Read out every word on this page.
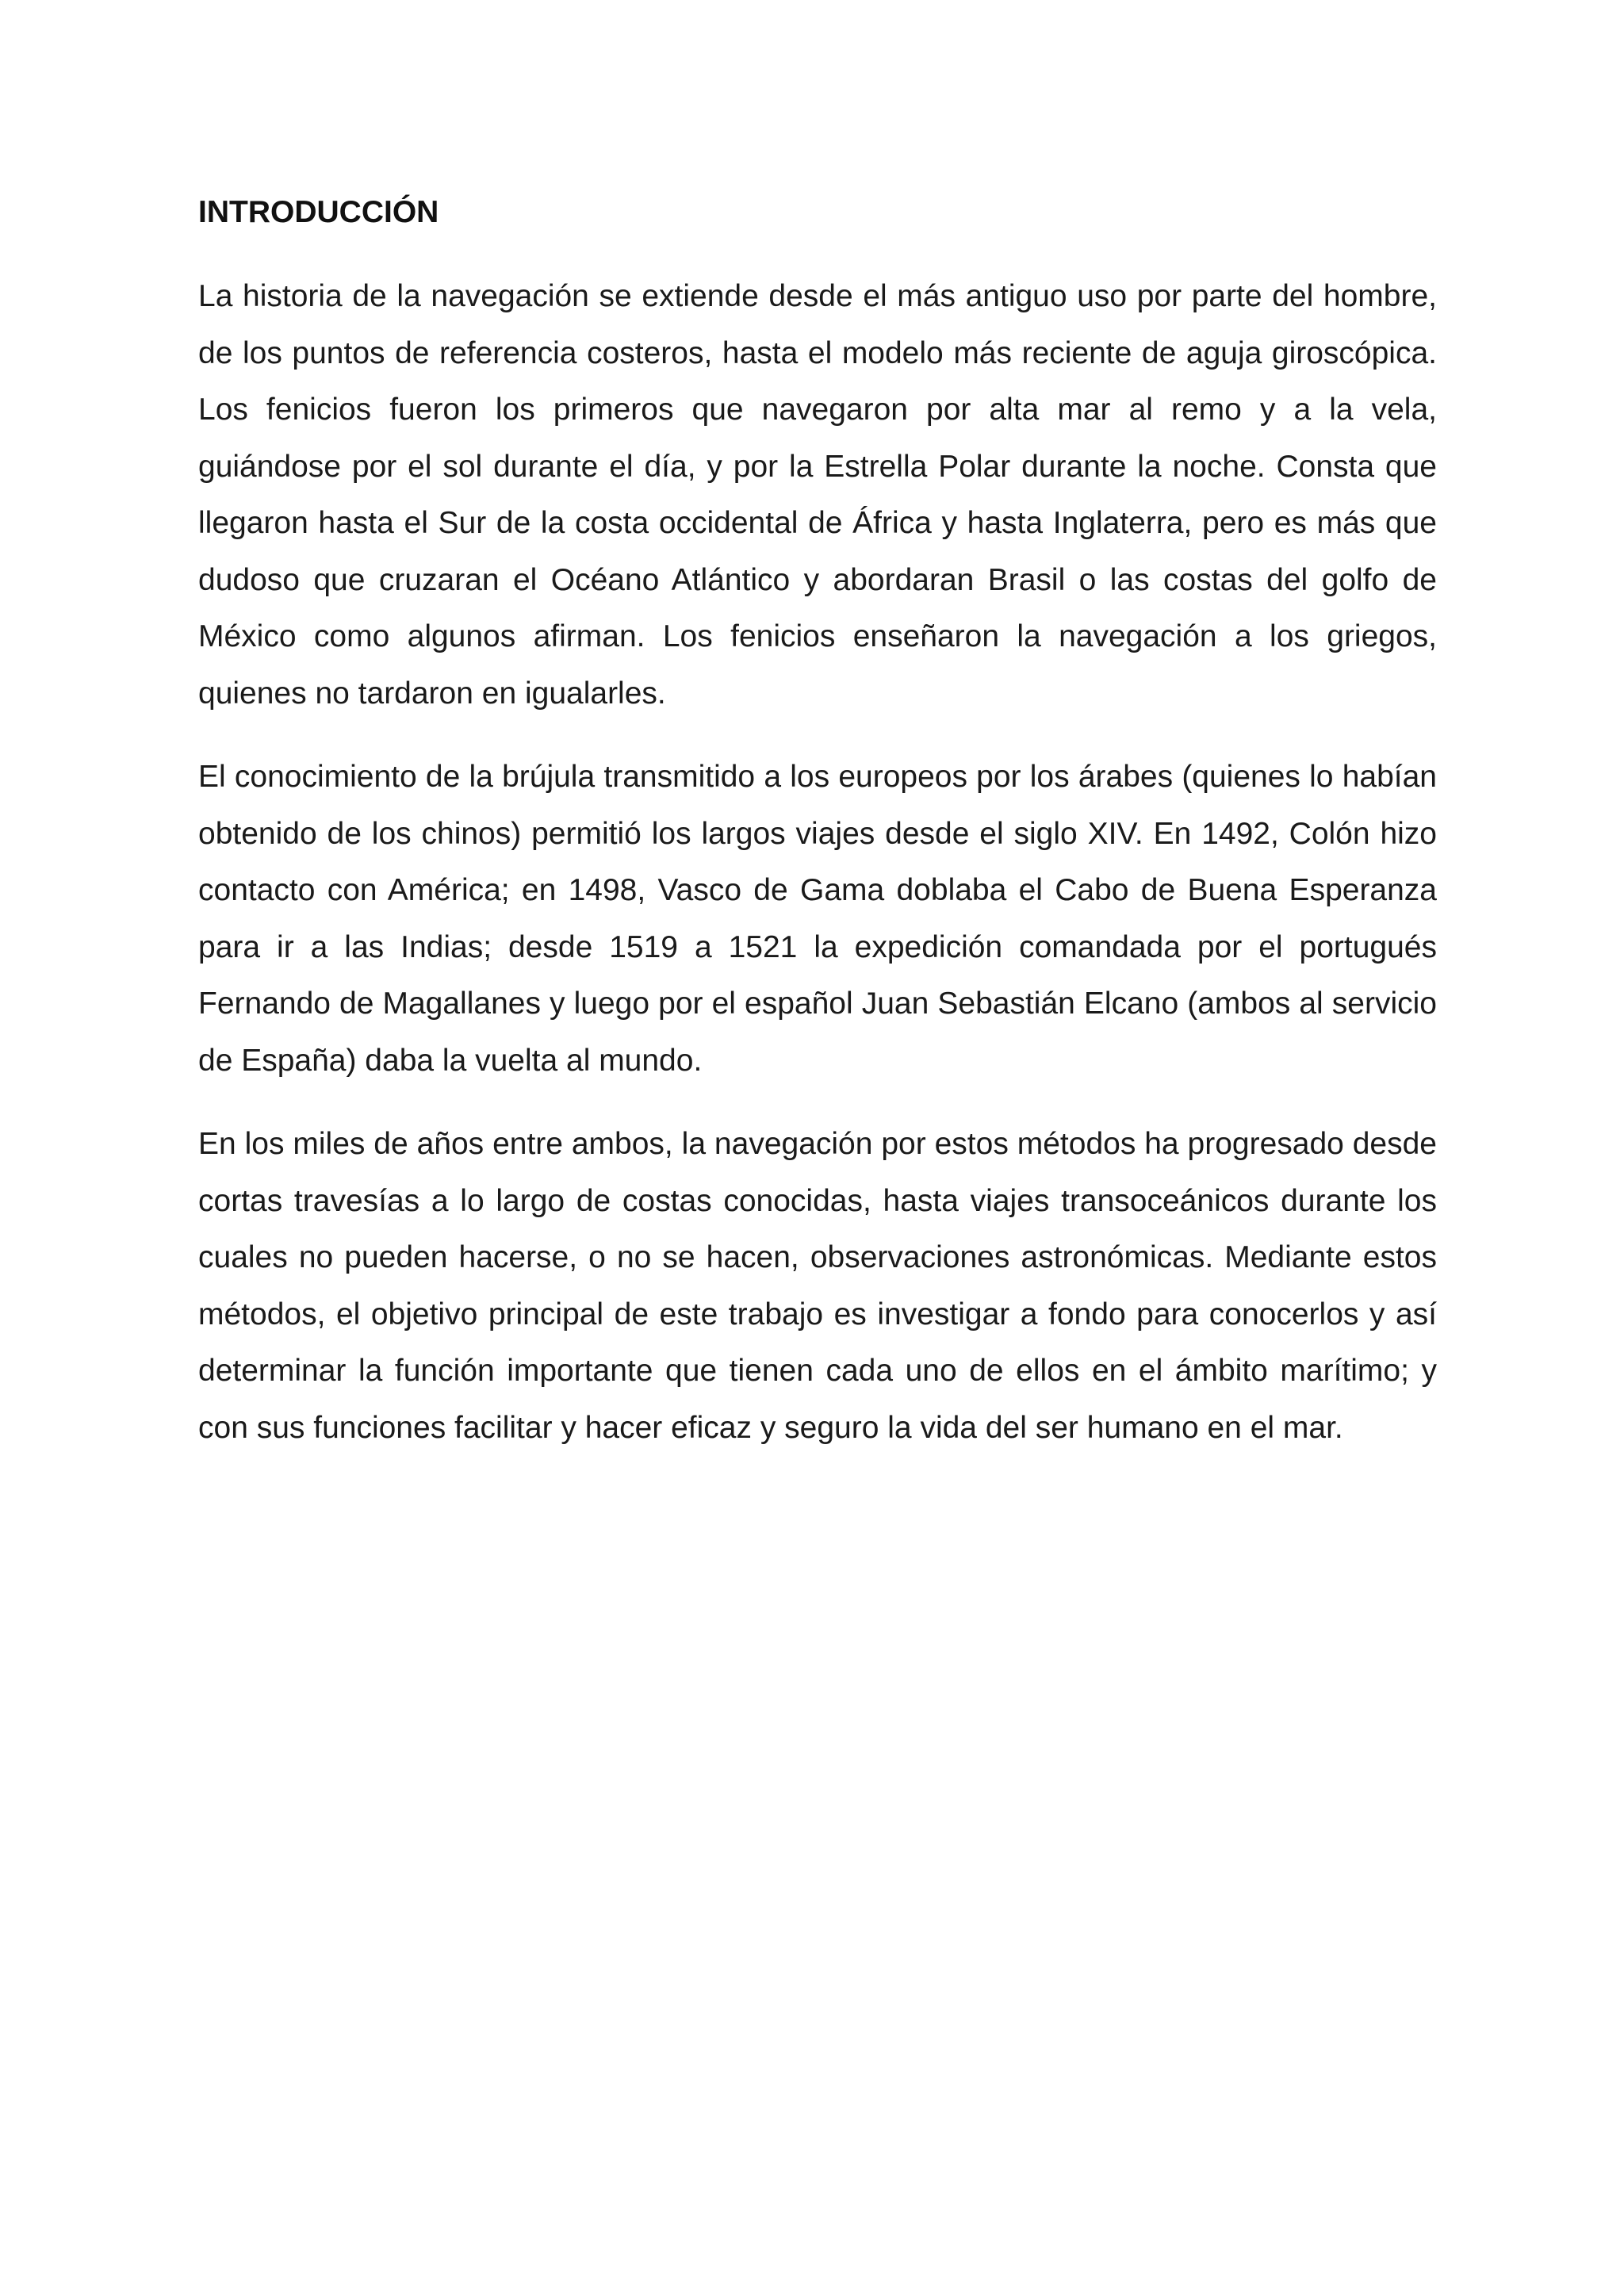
INTRODUCCIÓN

La historia de la navegación se extiende desde el más antiguo uso por parte del hombre, de los puntos de referencia costeros, hasta el modelo más reciente de aguja giroscópica. Los fenicios fueron los primeros que navegaron por alta mar al remo y a la vela, guiándose por el sol durante el día, y por la Estrella Polar durante la noche. Consta que llegaron hasta el Sur de la costa occidental de África y hasta Inglaterra, pero es más que dudoso que cruzaran el Océano Atlántico y abordaran Brasil o las costas del golfo de México como algunos afirman. Los fenicios enseñaron la navegación a los griegos, quienes no tardaron en igualarles.

El conocimiento de la brújula transmitido a los europeos por los árabes (quienes lo habían obtenido de los chinos) permitió los largos viajes desde el siglo XIV. En 1492, Colón hizo contacto con América; en 1498, Vasco de Gama doblaba el Cabo de Buena Esperanza para ir a las Indias; desde 1519 a 1521 la expedición comandada por el portugués Fernando de Magallanes y luego por el español Juan Sebastián Elcano (ambos al servicio de España) daba la vuelta al mundo.

En los miles de años entre ambos, la navegación por estos métodos ha progresado desde cortas travesías a lo largo de costas conocidas, hasta viajes transoceánicos durante los cuales no pueden hacerse, o no se hacen, observaciones astronómicas. Mediante estos métodos, el objetivo principal de este trabajo es investigar a fondo para conocerlos y así determinar la función importante que tienen cada uno de ellos en el ámbito marítimo; y con sus funciones facilitar y hacer eficaz y seguro la vida del ser humano en el mar.
